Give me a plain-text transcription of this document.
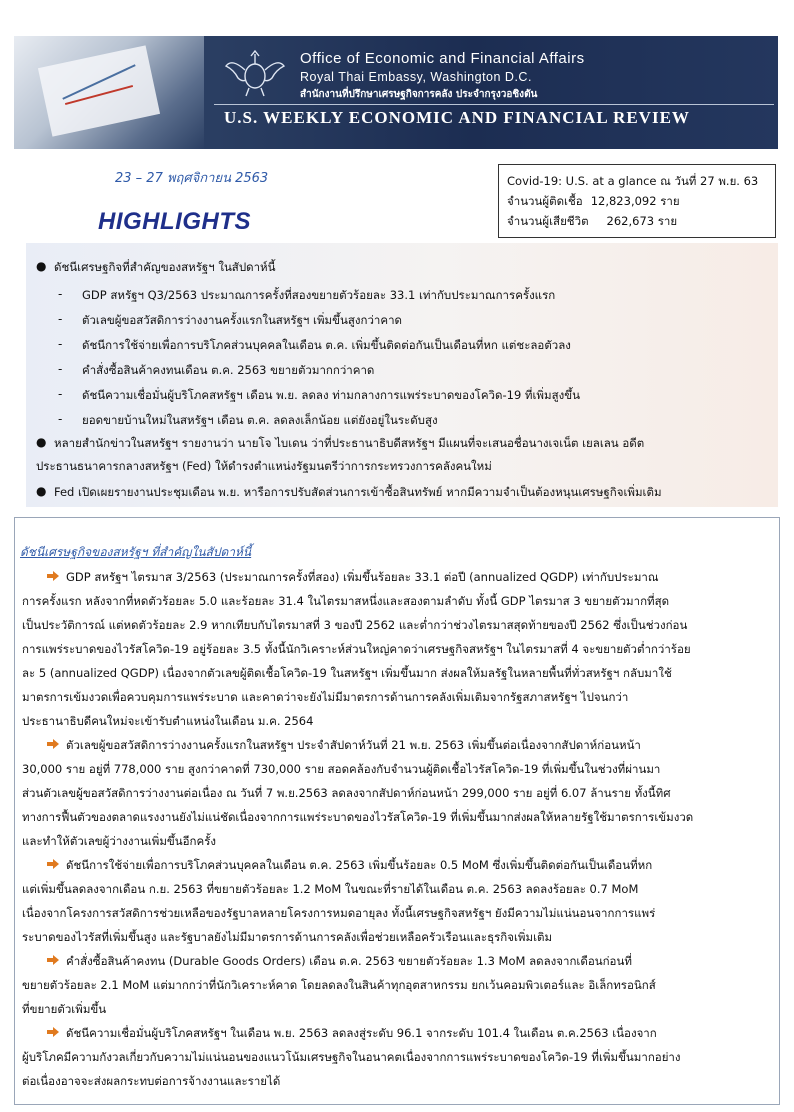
Office of Economic and Financial Affairs
Royal Thai Embassy, Washington D.C.
สำนักงานที่ปรึกษาเศรษฐกิจการคลัง ประจำกรุงวอชิงตัน
U.S. WEEKLY ECONOMIC AND FINANCIAL REVIEW
23 – 27 พฤศจิกายน 2563
HIGHLIGHTS
Covid-19: U.S. at a glance ณ วันที่ 27 พ.ย. 63
จำนวนผู้ติดเชื้อ 12,823,092 ราย
จำนวนผู้เสียชีวิต 262,673 ราย
● ดัชนีเศรษฐกิจที่สำคัญของสหรัฐฯ ในสัปดาห์นี้
- GDP สหรัฐฯ Q3/2563 ประมาณการครั้งที่สองขยายตัวร้อยละ 33.1 เท่ากับประมาณการครั้งแรก
- ตัวเลขผู้ขอสวัสดิการว่างงานครั้งแรกในสหรัฐฯ เพิ่มขึ้นสูงกว่าคาด
- ดัชนีการใช้จ่ายเพื่อการบริโภคส่วนบุคคลในเดือน ต.ค. เพิ่มขึ้นติดต่อกันเป็นเดือนที่หก แต่ชะลอตัวลง
- คำสั่งซื้อสินค้าคงทนเดือน ต.ค. 2563 ขยายตัวมากกว่าคาด
- ดัชนีความเชื่อมั่นผู้บริโภคสหรัฐฯ เดือน พ.ย. ลดลง ท่ามกลางการแพร่ระบาดของโควิด-19 ที่เพิ่มสูงขึ้น
- ยอดขายบ้านใหม่ในสหรัฐฯ เดือน ต.ค. ลดลงเล็กน้อย แต่ยังอยู่ในระดับสูง
● หลายสำนักข่าวในสหรัฐฯ รายงานว่า นายโจ ไบเดน ว่าที่ประธานาธิบดีสหรัฐฯ มีแผนที่จะเสนอชื่อนางเจเน็ต เยลเลน อดีต
ประธานธนาคารกลางสหรัฐฯ (Fed) ให้ดำรงตำแหน่งรัฐมนตรีว่าการกระทรวงการคลังคนใหม่
● Fed เปิดเผยรายงานประชุมเดือน พ.ย. หารือการปรับสัดส่วนการเข้าซื้อสินทรัพย์ หากมีความจำเป็นต้องหนุนเศรษฐกิจเพิ่มเติม
ดัชนีเศรษฐกิจของสหรัฐฯ ที่สำคัญในสัปดาห์นี้

GDP สหรัฐฯ ไตรมาส 3/2563 (ประมาณการครั้งที่สอง) เพิ่มขึ้นร้อยละ 33.1 ต่อปี (annualized QGDP) เท่ากับประมาณ

การครั้งแรก หลังจากที่หดตัวร้อยละ 5.0 และร้อยละ 31.4 ในไตรมาสหนึ่งและสองตามลำดับ ทั้งนี้ GDP ไตรมาส 3 ขยายตัวมากที่สุด

เป็นประวัติการณ์ แต่หดตัวร้อยละ 2.9 หากเทียบกับไตรมาสที่ 3 ของปี 2562 และต่ำกว่าช่วงไตรมาสสุดท้ายของปี 2562 ซึ่งเป็นช่วงก่อน

การแพร่ระบาดของไวรัสโควิด-19 อยู่ร้อยละ 3.5 ทั้งนี้นักวิเคราะห์ส่วนใหญ่คาดว่าเศรษฐกิจสหรัฐฯ ในไตรมาสที่ 4 จะขยายตัวต่ำกว่าร้อย

ละ 5 (annualized QGDP) เนื่องจากตัวเลขผู้ติดเชื้อโควิด-19 ในสหรัฐฯ เพิ่มขึ้นมาก ส่งผลให้มลรัฐในหลายพื้นที่ทั่วสหรัฐฯ กลับมาใช้

มาตรการเข้มงวดเพื่อควบคุมการแพร่ระบาด และคาดว่าจะยังไม่มีมาตรการด้านการคลังเพิ่มเติมจากรัฐสภาสหรัฐฯ ไปจนกว่า

ประธานาธิบดีคนใหม่จะเข้ารับตำแหน่งในเดือน ม.ค. 2564

ตัวเลขผู้ขอสวัสดิการว่างงานครั้งแรกในสหรัฐฯ ประจำสัปดาห์วันที่ 21 พ.ย. 2563 เพิ่มขึ้นต่อเนื่องจากสัปดาห์ก่อนหน้า

30,000 ราย อยู่ที่ 778,000 ราย สูงกว่าคาดที่ 730,000 ราย สอดคล้องกับจำนวนผู้ติดเชื้อไวรัสโควิด-19 ที่เพิ่มขึ้นในช่วงที่ผ่านมา

ส่วนตัวเลขผู้ขอสวัสดิการว่างงานต่อเนื่อง ณ วันที่ 7 พ.ย.2563 ลดลงจากสัปดาห์ก่อนหน้า 299,000 ราย อยู่ที่ 6.07 ล้านราย ทั้งนี้ทิศ

ทางการฟื้นตัวของตลาดแรงงานยังไม่แน่ชัดเนื่องจากการแพร่ระบาดของไวรัสโควิด-19 ที่เพิ่มขึ้นมากส่งผลให้หลายรัฐใช้มาตรการเข้มงวด

และทำให้ตัวเลขผู้ว่างงานเพิ่มขึ้นอีกครั้ง

ดัชนีการใช้จ่ายเพื่อการบริโภคส่วนบุคคลในเดือน ต.ค. 2563 เพิ่มขึ้นร้อยละ 0.5 MoM ซึ่งเพิ่มขึ้นติดต่อกันเป็นเดือนที่หก

แต่เพิ่มขึ้นลดลงจากเดือน ก.ย. 2563 ที่ขยายตัวร้อยละ 1.2 MoM ในขณะที่รายได้ในเดือน ต.ค. 2563 ลดลงร้อยละ 0.7 MoM

เนื่องจากโครงการสวัสดิการช่วยเหลือของรัฐบาลหลายโครงการหมดอายุลง ทั้งนี้เศรษฐกิจสหรัฐฯ ยังมีความไม่แน่นอนจากการแพร่

ระบาดของไวรัสที่เพิ่มขึ้นสูง และรัฐบาลยังไม่มีมาตรการด้านการคลังเพื่อช่วยเหลือครัวเรือนและธุรกิจเพิ่มเติม

คำสั่งซื้อสินค้าคงทน (Durable Goods Orders) เดือน ต.ค. 2563 ขยายตัวร้อยละ 1.3 MoM ลดลงจากเดือนก่อนที่

ขยายตัวร้อยละ 2.1 MoM แต่มากกว่าที่นักวิเคราะห์คาด โดยลดลงในสินค้าทุกอุตสาหกรรม ยกเว้นคอมพิวเตอร์และ อิเล็กทรอนิกส์

ที่ขยายตัวเพิ่มขึ้น

ดัชนีความเชื่อมั่นผู้บริโภคสหรัฐฯ ในเดือน พ.ย. 2563 ลดลงสู่ระดับ 96.1 จากระดับ 101.4 ในเดือน ต.ค.2563 เนื่องจาก

ผู้บริโภคมีความกังวลเกี่ยวกับความไม่แน่นอนของแนวโน้มเศรษฐกิจในอนาคตเนื่องจากการแพร่ระบาดของโควิด-19 ที่เพิ่มขึ้นมากอย่าง

ต่อเนื่องอาจจะส่งผลกระทบต่อการจ้างงานและรายได้
